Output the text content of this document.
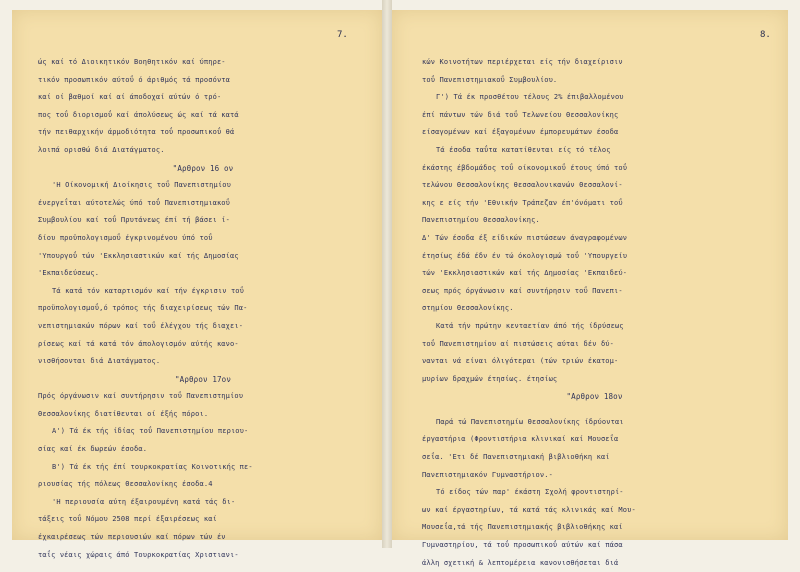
7.
ώς καί τό Διοικητικόν Βοηθητικόν καί ύπηρε-
τικόν προσωπικόν αύτοΰ ό άριθμός τά προσόντα
καί οί βαθμοί καί αί άποδοχαί αύτών ό τρό-
πος τοΰ διορισμοΰ καί άπολύσεως ώς καί τά κατά
τήν πειθαρχικήν άρμοδιότητα τοΰ προσωπικοΰ θά
λοιπά ορισθώ διά Διατάγματος.
"Αρθρον 16 ον
'Η Οίκονομική Διοίκησις τοΰ Πανεπιστημίου
ένεργεΐται αύτοτελώς ύπό τοΰ Πανεπιστημιακοΰ
Συμβουλίου καί τοΰ Πρυτάνεως έπί τή βάσει ί-
δίου προϋπολογισμοΰ έγκρινομένου ύπό τοΰ
'Υπουργοΰ τών 'Εκκλησιαστικών καί τής Δημοσίας
'Εκπαιδεύσεως.
Τά κατά τόν καταρτισμόν καί τήν έγκρισιν τοΰ
προϋπολογισμοΰ,ό τρόπος τής διαχειρίσεως τών Πα-
νεπιστημιακών πόρων καί τοΰ έλέγχου τής διαχει-
ρίσεως καί τά κατά τόν άπολογισμόν αύτής κανο-
νισθήσονται διά Διατάγματος.
"Αρθρον 17ον
Πρός όργάνωσιν καί συντήρησιν τοΰ Πανεπιστημίου
Θεσσαλονίκης διατίθενται οί έξής πόροι.
Α') Τά έκ τής ίδίας τοΰ Πανεπιστημίου περιου-
σίας καί έκ δωρεών έσοδα.
Β') Τά έκ τής έπί τουρκοκρατίας Κοινοτικής πε-
ριουσίας τής πόλεως Θεσσαλονίκης έσοδα.4
'Η περιουσία αύτη έξαιρουμένη κατά τάς δι-
τάξεις τοΰ Νόμου 2508 περί έξαιρέσεως καί
έχκαιρέσεως τών περιουσιών καί πόρων τών έν
ταΐς νέαις χώραις άπό Τουρκοκρατίας Χριστιανι-
8.
κών Κοινοτήτων περιέρχεται είς τήν διαχείρισιν
τοΰ Πανεπιστημιακοΰ Συμβουλίου.
Γ') Τά έκ προσθέτου τέλους 2% έπιβαλλομένου
έπί πάντων τών διά τοΰ Τελωνείου Θεσσαλονίκης
είσαγομένων καί έξαγομένων έμπορευμάτων έσοδα
Τά έσοδα ταΰτα κατατίθενται είς τό τέλος
έκάστης έβδομάδος τοΰ οίκονομικοΰ έτους ύπό τοΰ
τελώνου Θεσσαλονίκης θεσσαλονικανών Θεσσαλονί-
κης ε είς τήν 'Εθνικήν Τράπεζαν έπ'όνόματι τοΰ
Πανεπιστημίου Θεσσαλονίκης.
Δ' Τών έσοδα έξ είδικών πιστώσεων άναγραφομένων
έτησίως έδά έδν έν τώ όκολογισμώ τοΰ 'Υπουργείυ
τών 'Εκκλησιαστικών καί τής Δημοσίας 'Εκπαιδεύ-
σεως πρός όργάνωσιν καί συντήρησιν τοΰ Πανεπι-
στημίου Θεσσαλονίκης.
Κατά τήν πρώτην κενταετίαν άπό τής ίδρύσεως
τοΰ Πανεπιστημίου αί πιστώσεις αύται δέν δύ-
νανται νά είναι όλιγότεραι (τών τριών έκατομ-
μυρίων δραχμών έτησίως. έτησίως
"Αρθρον 18ον
Παρά τώ Πανεπιστημίω Θεσσαλονίκης ίδρύονται
έργαστήρια (Φροντιστήρια κλινικαί καί Μουσεΐα
σεΐα. 'Ετι δέ Πανεπιστημιακή βιβλιοθήκη καί
Πανεπιστημιακόν Γυμναστήριον.-
Τό είδος τών παρ' έκάστη Σχολή φροντιστηρί-
ων καί έργαστηρίων, τά κατά τάς κλινικάς καί Μου-
Μουσεΐα,τά τής Πανεπιστημιακής βιβλιοθήκης καί
Γυμναστηρίου, τά τοΰ προσωπικοΰ αύτών καί πάσα
άλλη σχετική & λεπτομέρεια κανονισθήσεται διά
